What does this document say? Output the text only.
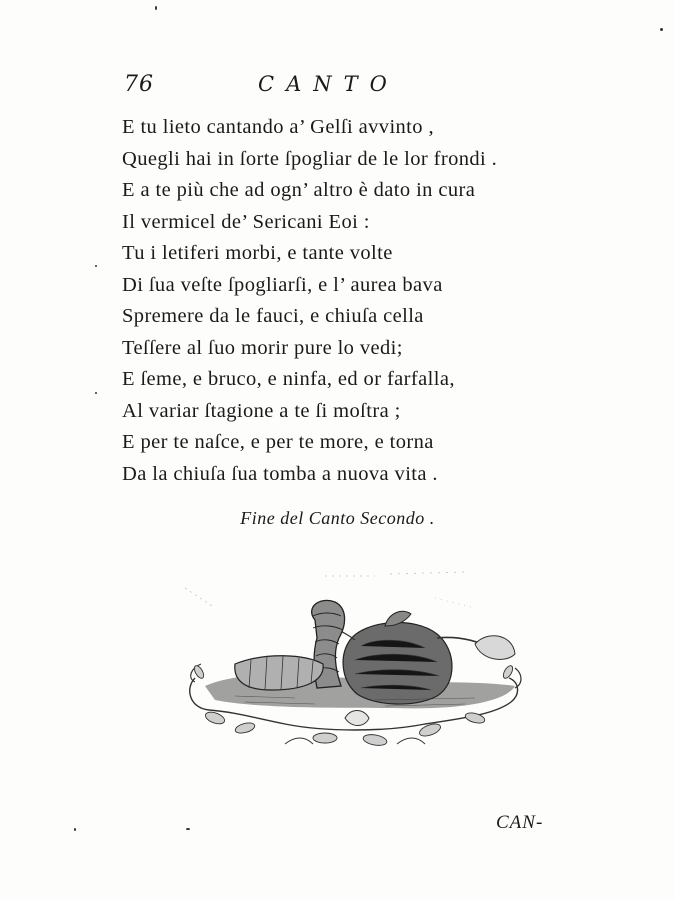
76	CANTO
E tu lieto cantando a’ Gelſi avvinto ,
Quegli hai in ſorte ſpogliar de le lor frondi .
E a te più che ad ogn’ altro è dato in cura
Il vermicel de’ Sericani Eoi :
Tu i letiferi morbi, e tante volte
Di ſua veſte ſpogliarſi, e l’ aurea bava
Spremere da le fauci, e chiuſa cella
Teſſere al ſuo morir pure lo vedi;
E ſeme, e bruco, e ninfa, ed or farfalla,
Al variar ſtagione a te ſi moſtra ;
E per te naſce, e per te more, e torna
Da la chiuſa ſua tomba a nuova vita .
Fine del Canto Secondo .
CAN-
